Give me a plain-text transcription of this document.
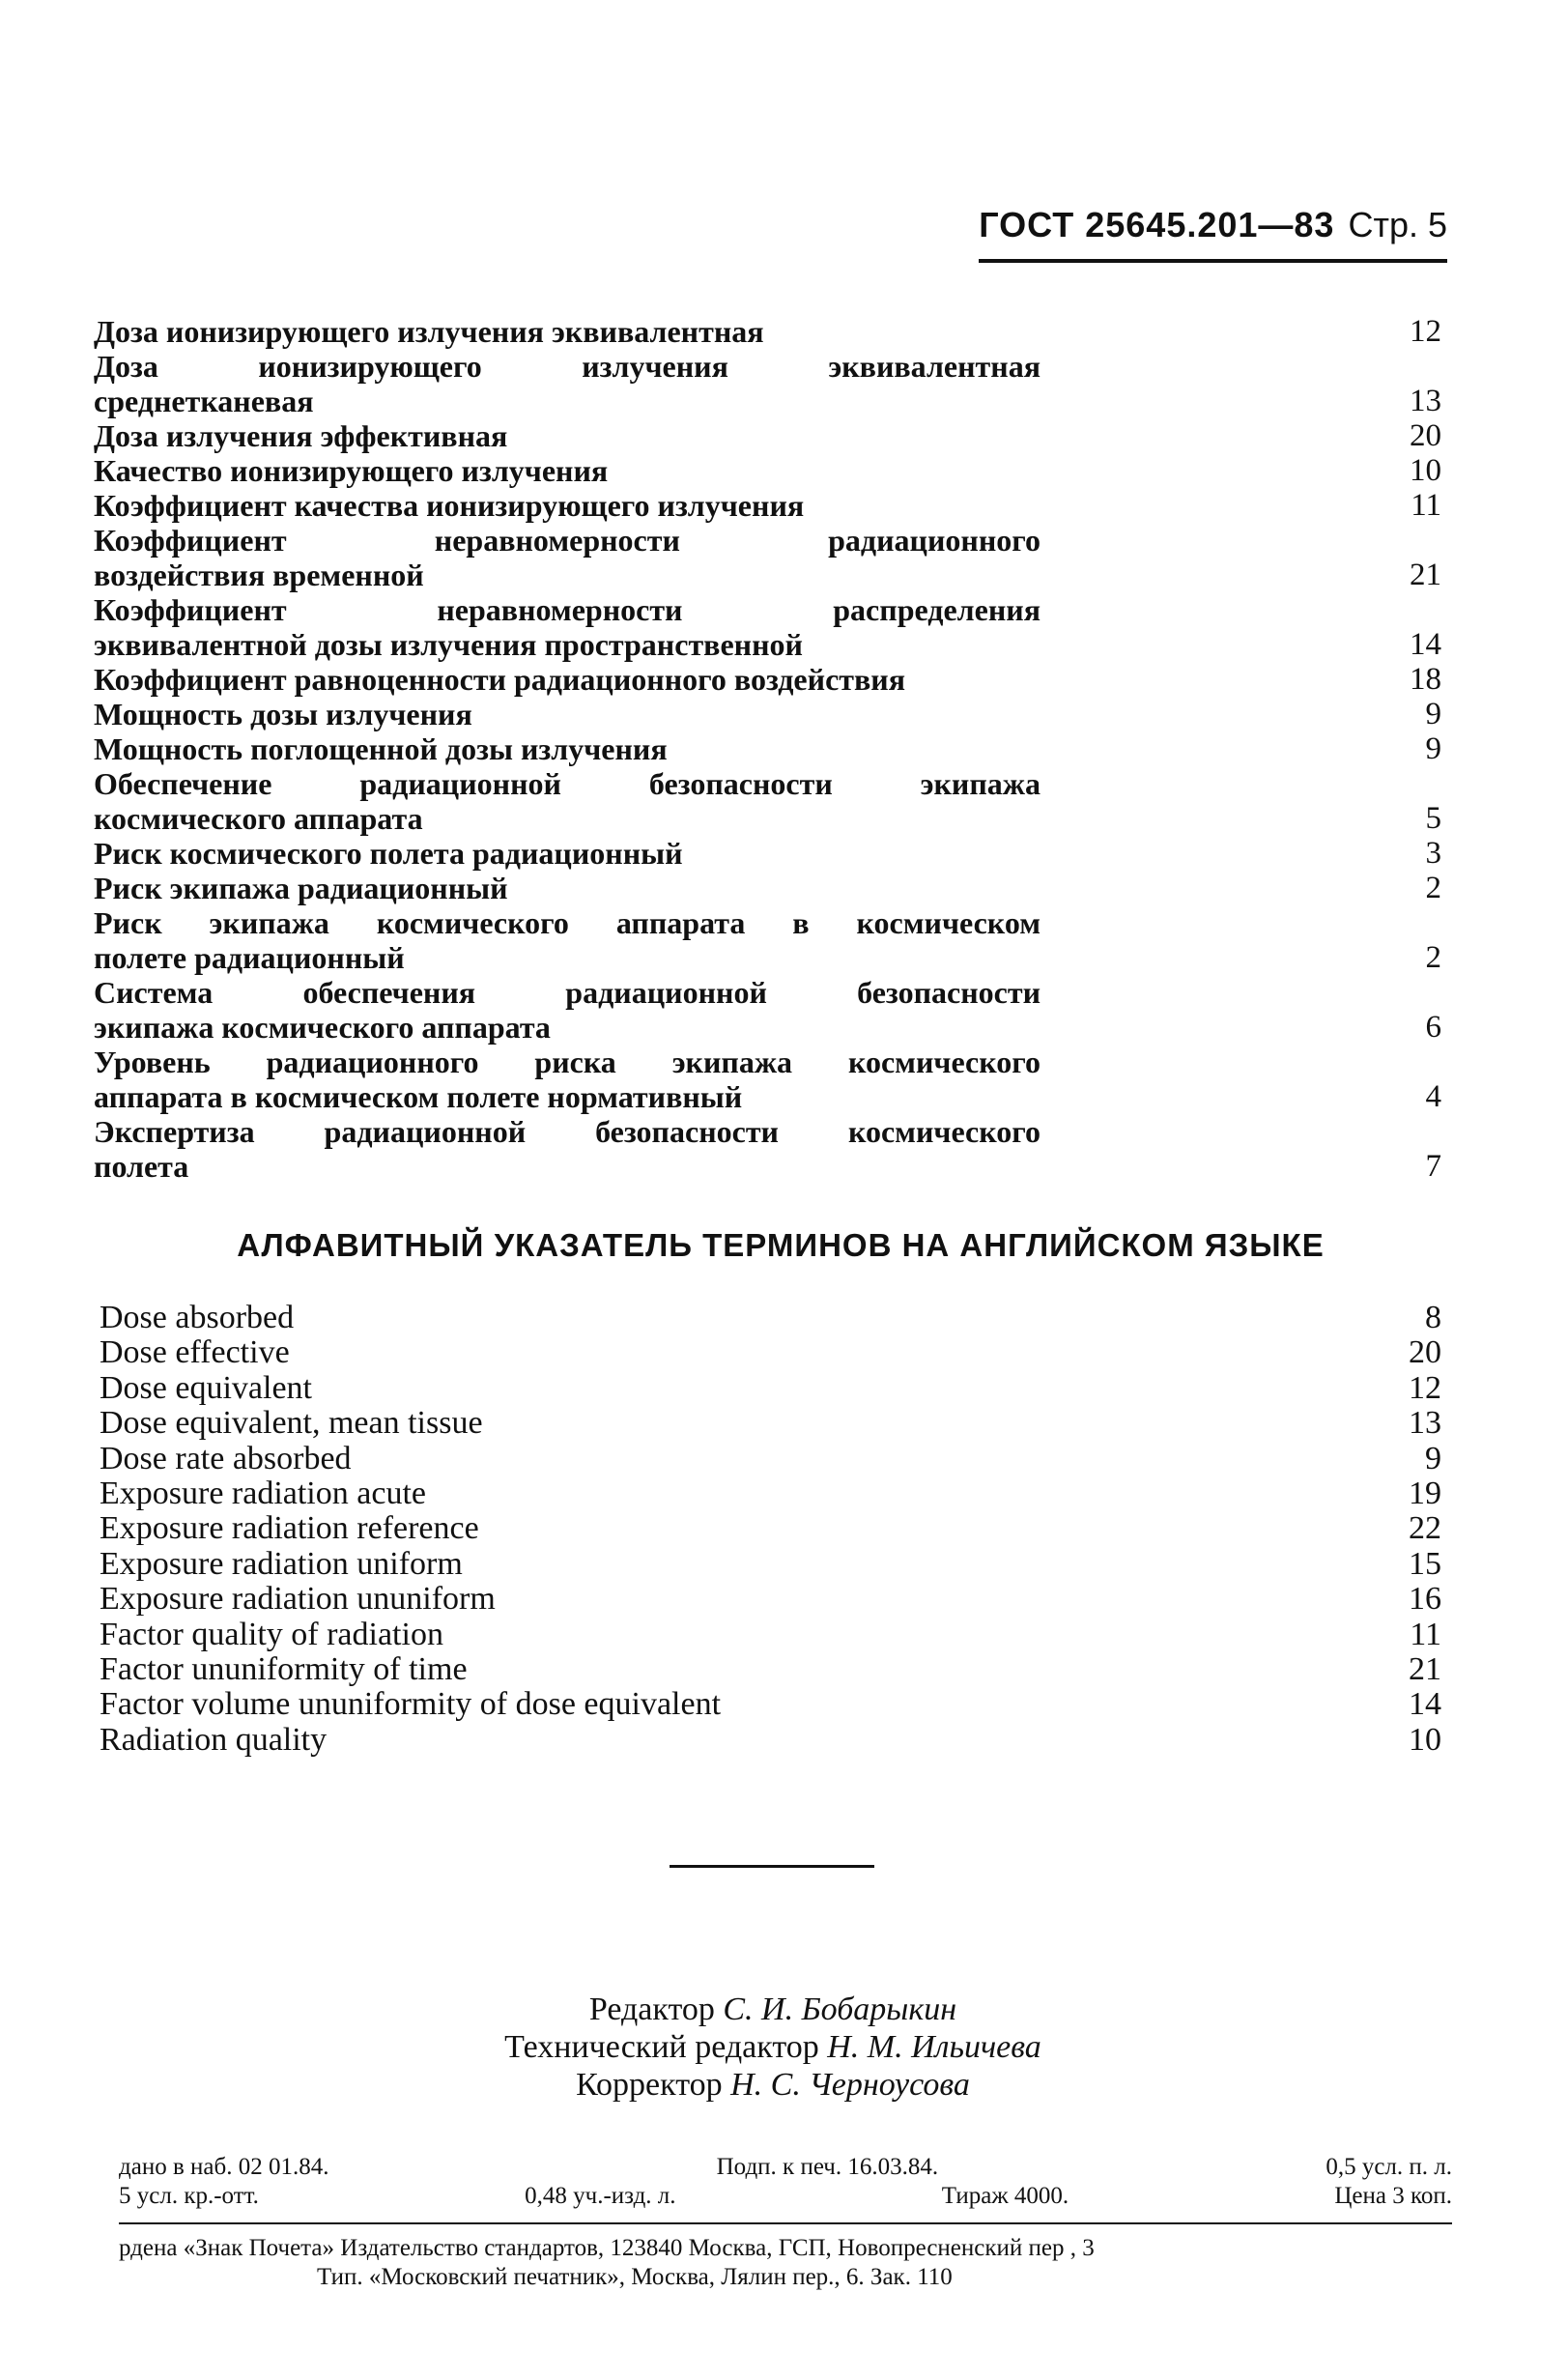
ГОСТ 25645.201—83 Стр. 5
Доза ионизирующего излучения эквивалентная	12
Доза ионизирующего излучения эквивалентная
среднетканевая	13
Доза излучения эффективная	20
Качество ионизирующего излучения	10
Коэффициент качества ионизирующего излучения	11
Коэффициент неравномерности радиационного
воздействия временной	21
Коэффициент неравномерности распределения
эквивалентной дозы излучения пространственной	14
Коэффициент равноценности радиационного воздействия	18
Мощность дозы излучения	9
Мощность поглощенной дозы излучения	9
Обеспечение радиационной безопасности экипажа
космического аппарата	5
Риск космического полета радиационный	3
Риск экипажа радиационный	2
Риск экипажа космического аппарата в космическом
полете радиационный	2
Система обеспечения радиационной безопасности
экипажа космического аппарата	6
Уровень радиационного риска экипажа космического
аппарата в космическом полете нормативный	4
Экспертиза радиационной безопасности космического
полета	7
АЛФАВИТНЫЙ УКАЗАТЕЛЬ ТЕРМИНОВ НА АНГЛИЙСКОМ ЯЗЫКЕ
Dose absorbed	8
Dose effective	20
Dose equivalent	12
Dose equivalent, mean tissue	13
Dose rate absorbed	9
Exposure radiation acute	19
Exposure radiation reference	22
Exposure radiation uniform	15
Exposure radiation ununiform	16
Factor quality of radiation	11
Factor ununiformity of time	21
Factor volume ununiformity of dose equivalent	14
Radiation quality	10
Редактор С. И. Бобарыкин
Технический редактор Н. М. Ильичева
Корректор Н. С. Черноусова
дано в наб. 02 01.84.	Подп. к печ. 16.03.84.	0,5 усл. п. л.
5 усл. кр.-отт.	0,48 уч.-изд. л.	Тираж 4000.	Цена 3 коп.
рдена «Знак Почета» Издательство стандартов, 123840 Москва, ГСП, Новопресненский пер , 3
Тип. «Московский печатник», Москва, Лялин пер., 6. Зак. 110
